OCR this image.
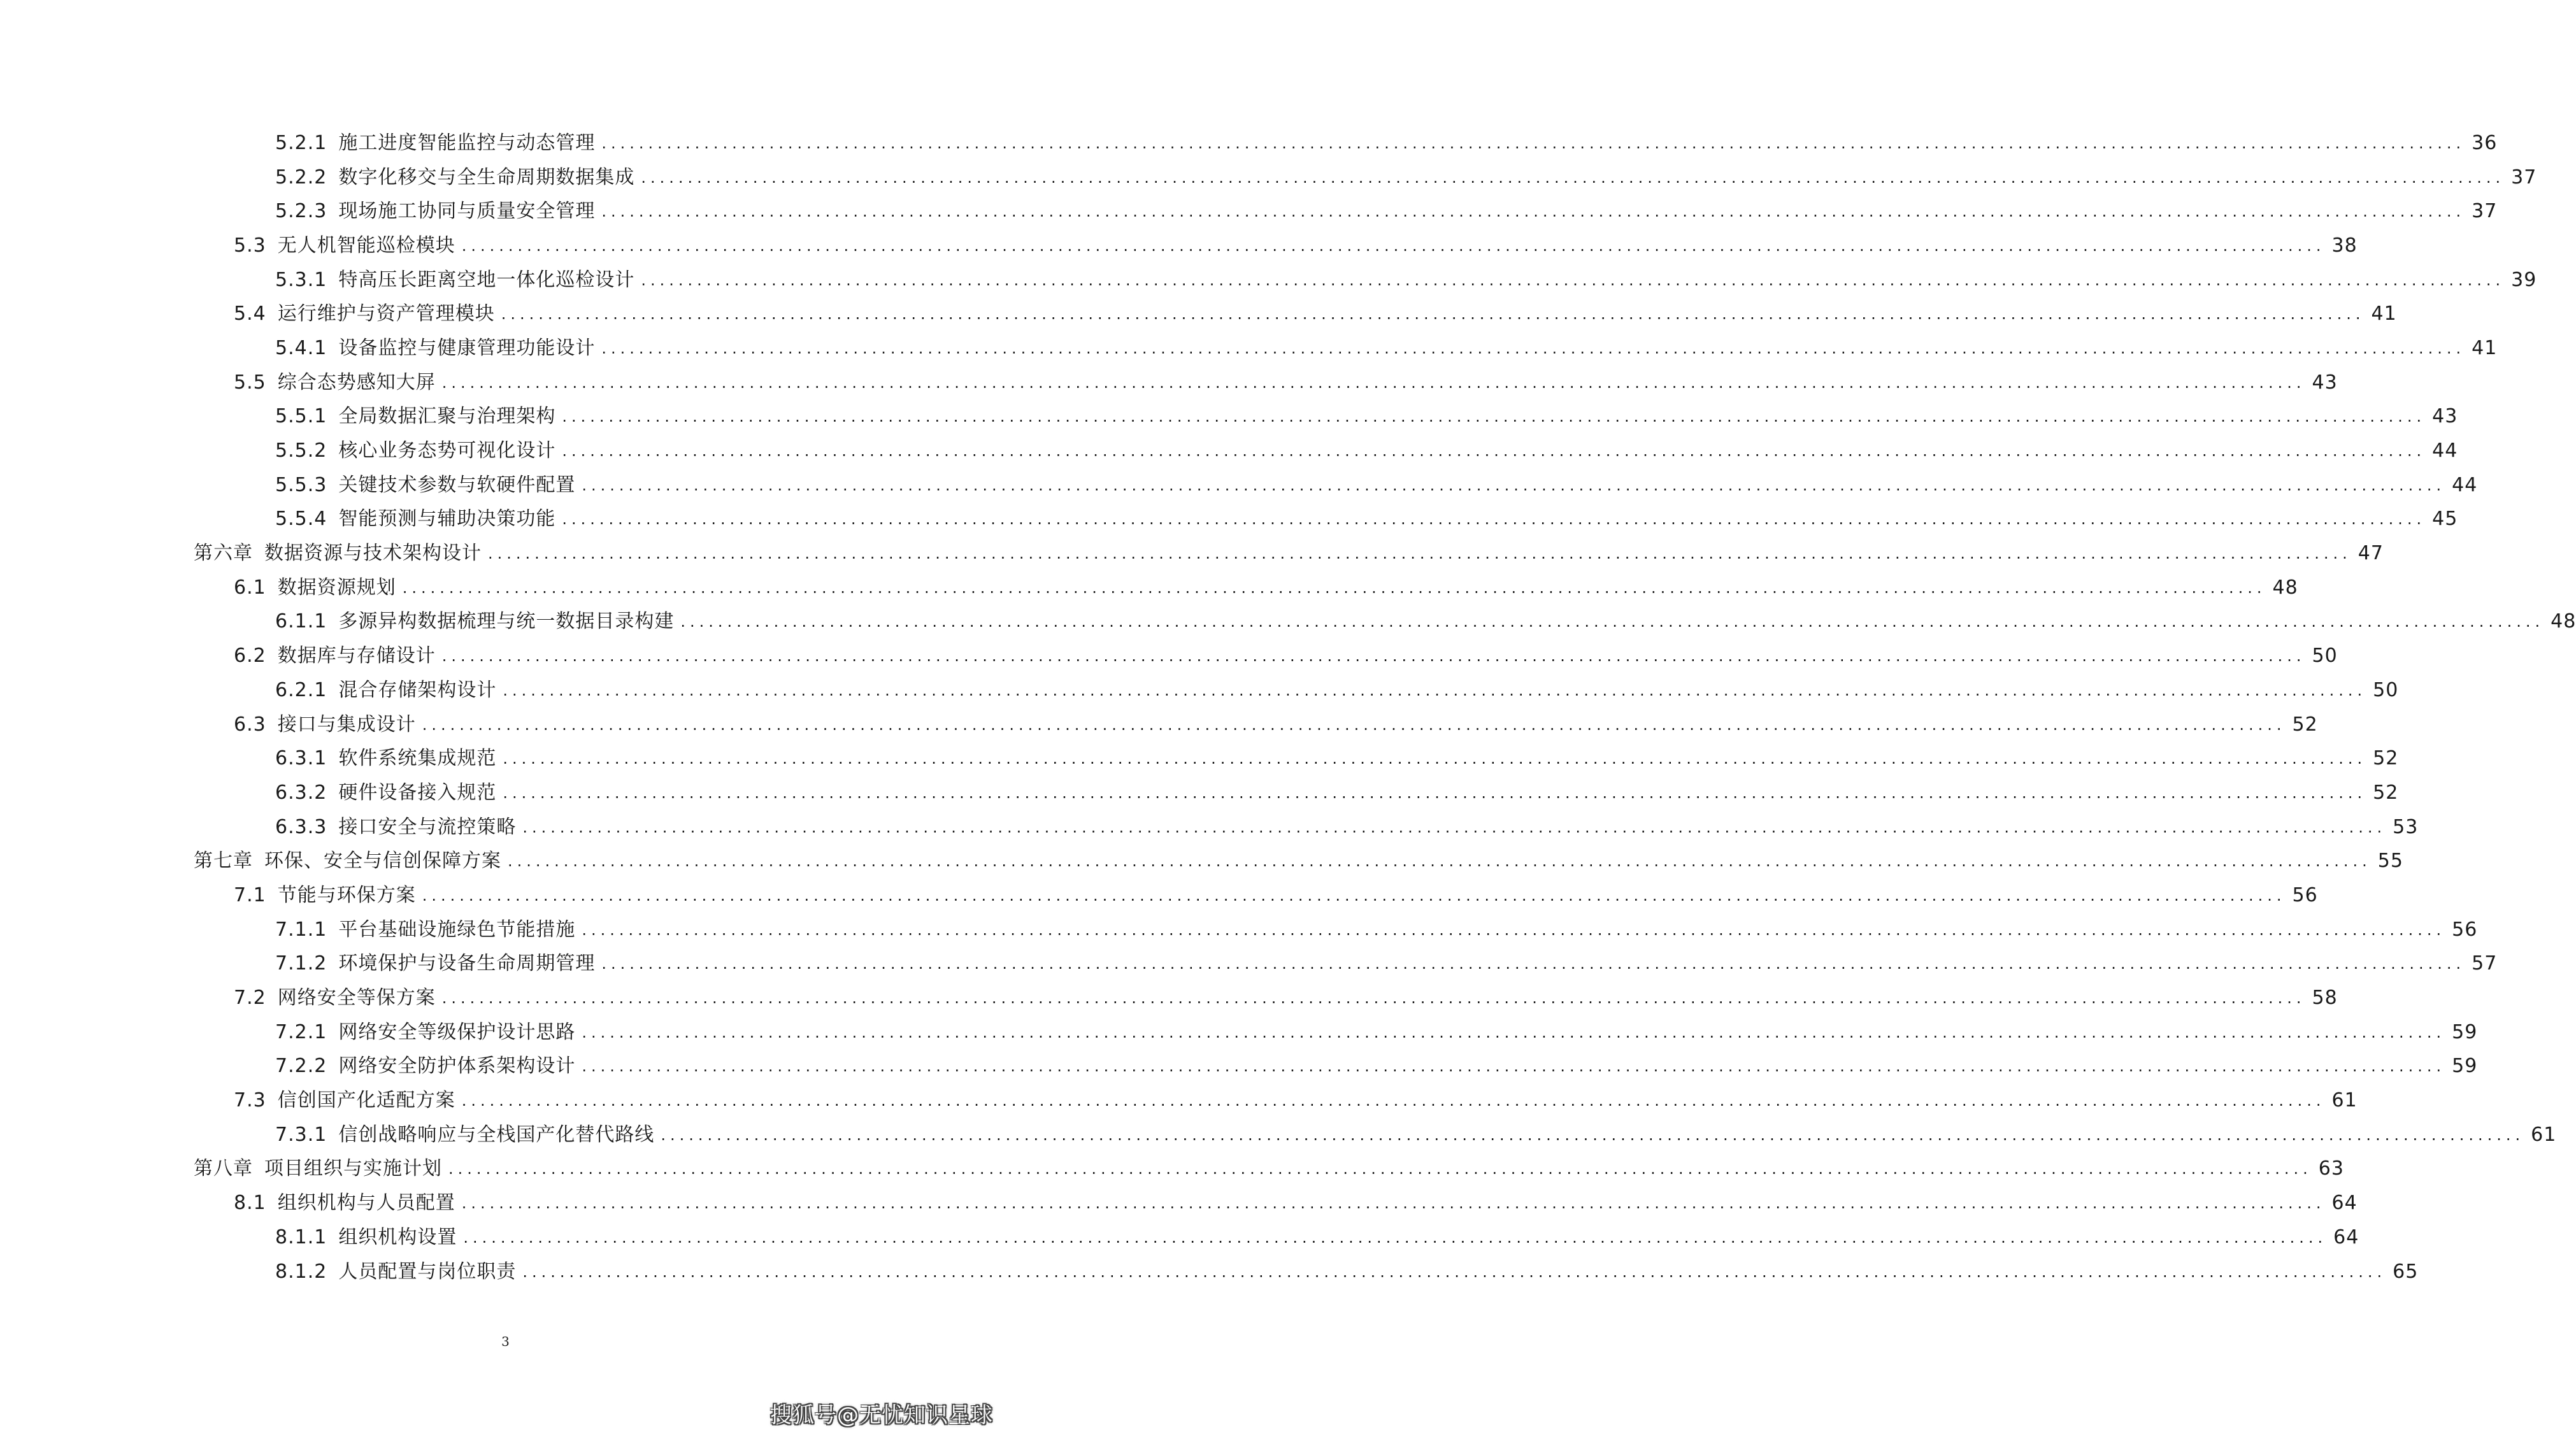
5.2.1 施工进度智能监控与动态管理 ........................................................................................................................................................................................................ 36
5.2.2 数字化移交与全生命周期数据集成 ........................................................................................................................................................................................................ 37
5.2.3 现场施工协同与质量安全管理 ........................................................................................................................................................................................................ 37
5.3 无人机智能巡检模块 ........................................................................................................................................................................................................ 38
5.3.1 特高压长距离空地一体化巡检设计 ........................................................................................................................................................................................................ 39
5.4 运行维护与资产管理模块 ........................................................................................................................................................................................................ 41
5.4.1 设备监控与健康管理功能设计 ........................................................................................................................................................................................................ 41
5.5 综合态势感知大屏 ........................................................................................................................................................................................................ 43
5.5.1 全局数据汇聚与治理架构 ........................................................................................................................................................................................................ 43
5.5.2 核心业务态势可视化设计 ........................................................................................................................................................................................................ 44
5.5.3 关键技术参数与软硬件配置 ........................................................................................................................................................................................................ 44
5.5.4 智能预测与辅助决策功能 ........................................................................................................................................................................................................ 45
第六章 数据资源与技术架构设计 ........................................................................................................................................................................................................ 47
6.1 数据资源规划 ........................................................................................................................................................................................................ 48
6.1.1 多源异构数据梳理与统一数据目录构建 ........................................................................................................................................................................................................ 48
6.2 数据库与存储设计 ........................................................................................................................................................................................................ 50
6.2.1 混合存储架构设计 ........................................................................................................................................................................................................ 50
6.3 接口与集成设计 ........................................................................................................................................................................................................ 52
6.3.1 软件系统集成规范 ........................................................................................................................................................................................................ 52
6.3.2 硬件设备接入规范 ........................................................................................................................................................................................................ 52
6.3.3 接口安全与流控策略 ........................................................................................................................................................................................................ 53
第七章 环保、安全与信创保障方案 ........................................................................................................................................................................................................ 55
7.1 节能与环保方案 ........................................................................................................................................................................................................ 56
7.1.1 平台基础设施绿色节能措施 ........................................................................................................................................................................................................ 56
7.1.2 环境保护与设备生命周期管理 ........................................................................................................................................................................................................ 57
7.2 网络安全等保方案 ........................................................................................................................................................................................................ 58
7.2.1 网络安全等级保护设计思路 ........................................................................................................................................................................................................ 59
7.2.2 网络安全防护体系架构设计 ........................................................................................................................................................................................................ 59
7.3 信创国产化适配方案 ........................................................................................................................................................................................................ 61
7.3.1 信创战略响应与全栈国产化替代路线 ........................................................................................................................................................................................................ 61
第八章 项目组织与实施计划 ........................................................................................................................................................................................................ 63
8.1 组织机构与人员配置 ........................................................................................................................................................................................................ 64
8.1.1 组织机构设置 ........................................................................................................................................................................................................ 64
8.1.2 人员配置与岗位职责 ........................................................................................................................................................................................................ 65
3
搜狐号@无忧知识星球
